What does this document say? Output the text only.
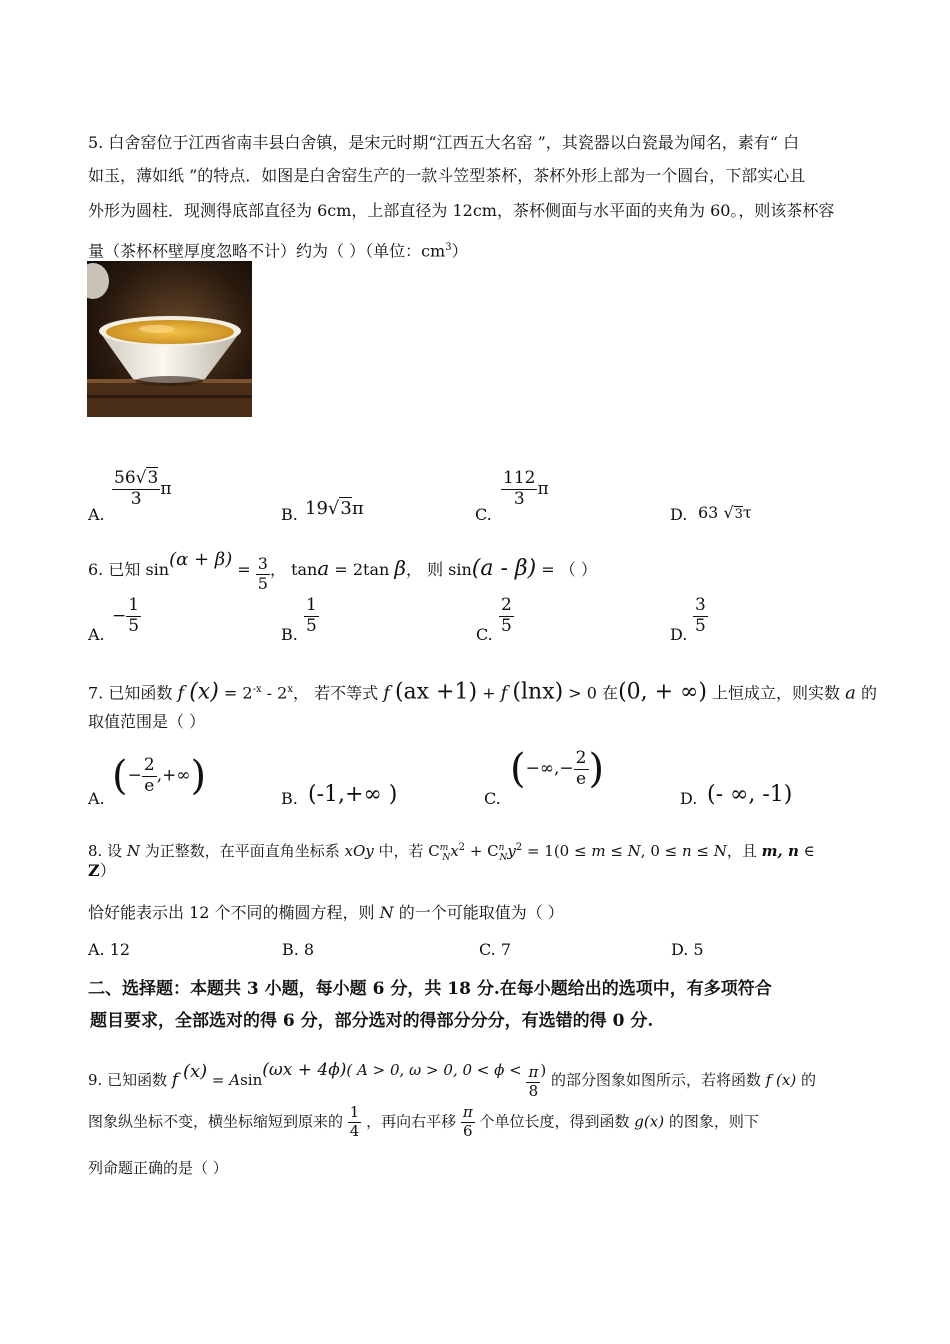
5. 白舍窑位于江西省南丰县白舍镇，是宋元时期“江西五大名窑 ”，其瓷器以白瓷最为闻名，素有“ 白
如玉，薄如纸 ”的特点．如图是白舍窑生产的一款斗笠型茶杯，茶杯外形上部为一个圆台，下部实心且
外形为圆柱．现测得底部直径为 6cm，上部直径为 12cm，茶杯侧面与水平面的夹角为 60。，则该茶杯容
量（茶杯杯壁厚度忽略不计）约为（ ）（单位：$cm^3$）
A.
$\frac{56√3}{3}$ π
B. 19√3π	C.
$\frac{112}{3}$ π
D. 63 √3τ
6. 已知 $\sin(\alpha + \beta) = \frac{3}{5}$ ， tana = 2tan β， 则 sin(a - β) = （ ）
A.
− $\frac{1}{5}$	B. $\frac{1}{5}$	C. $\frac{2}{5}$	D. $\frac{3}{5}$
7. 已知函数 f $(x) = 2^{-x} - 2^x$， 若不等式 f (ax +1) + f (lnx) > 0 在(0, + ∞) 上恒成立，则实数 a 的
取值范围是（ ）
A. (− $\frac{2}{e}$ ,+∞)	B. (-1,+∞ )	C.
(−∞,− $\frac{2}{e}$ )
D. (- ∞, -1)
8. 设 N 为正整数，在平面直角坐标系 xOy 中，若 $C^m_Nx^2 + C^n_Ny^2 = 1(0 \le m \le N$, 0 ≤ n ≤ N，且 m, n ∈
Z）
恰好能表示出 12 个不同的椭圆方程，则 N 的一个可能取值为（ ）
A. 12	B. 8	C. 7	D. 5
二、选择题：本题共 3 小题，每小题 6 分，共 18 分.在每小题给出的选项中，有多项符合
题目要求，全部选对的得 6 分，部分选对的得部分分分，有选错的得 0 分.
9. 已知函数 f (x) = Asin(ωx + 4ϕ)( A > 0, ω > 0, $0 < \phi < \frac{\pi}{8}$ ) 的部分图象如图所示，若将函数 f (x) 的
图象纵坐标不变，横坐标缩短到原来的 $\frac{1}{4}$ ，再向右平移 $\frac{\pi}{6}$ 个单位长度，得到函数 g(x) 的图象，则下
列命题正确的是（ ）
